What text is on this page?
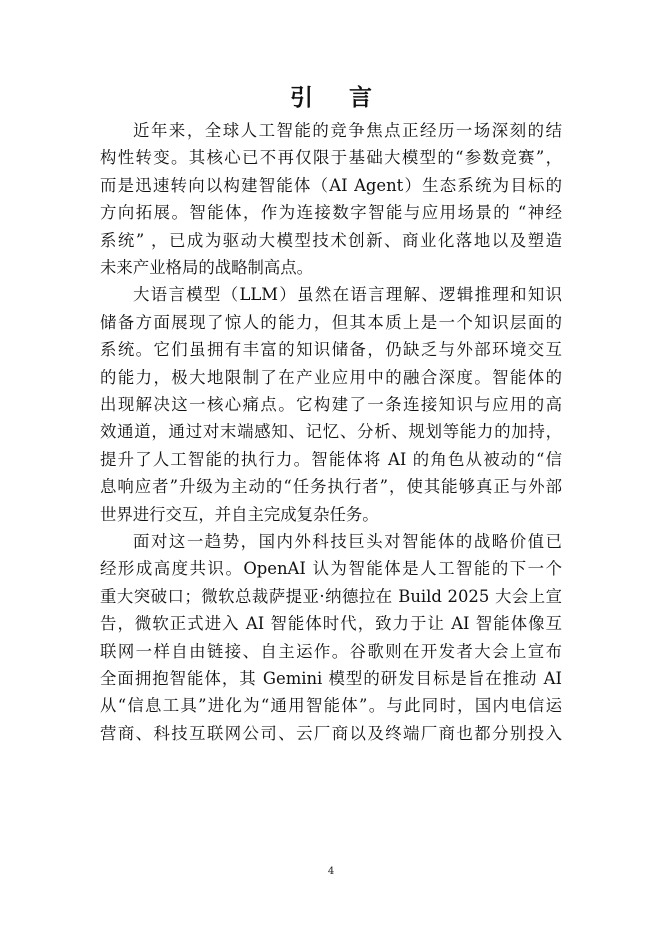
引 言
近年来，全球人工智能的竞争焦点正经历一场深刻的结
构性转变。其核心已不再仅限于基础大模型的“参数竞赛”，
而是迅速转向以构建智能体（AI Agent）生态系统为目标的
方向拓展。智能体，作为连接数字智能与应用场景的 “神经
系统” ，已成为驱动大模型技术创新、商业化落地以及塑造
未来产业格局的战略制高点。
大语言模型（LLM）虽然在语言理解、逻辑推理和知识
储备方面展现了惊人的能力，但其本质上是一个知识层面的
系统。它们虽拥有丰富的知识储备，仍缺乏与外部环境交互
的能力，极大地限制了在产业应用中的融合深度。智能体的
出现解决这一核心痛点。它构建了一条连接知识与应用的高
效通道，通过对末端感知、记忆、分析、规划等能力的加持，
提升了人工智能的执行力。智能体将 AI 的角色从被动的“信
息响应者”升级为主动的“任务执行者”，使其能够真正与外部
世界进行交互，并自主完成复杂任务。
面对这一趋势，国内外科技巨头对智能体的战略价值已
经形成高度共识。OpenAI 认为智能体是人工智能的下一个
重大突破口；微软总裁萨提亚·纳德拉在 Build 2025 大会上宣
告，微软正式进入 AI 智能体时代，致力于让 AI 智能体像互
联网一样自由链接、自主运作。谷歌则在开发者大会上宣布
全面拥抱智能体，其 Gemini 模型的研发目标是旨在推动 AI
从“信息工具”进化为“通用智能体”。与此同时，国内电信运
营商、科技互联网公司、云厂商以及终端厂商也都分别投入
4
